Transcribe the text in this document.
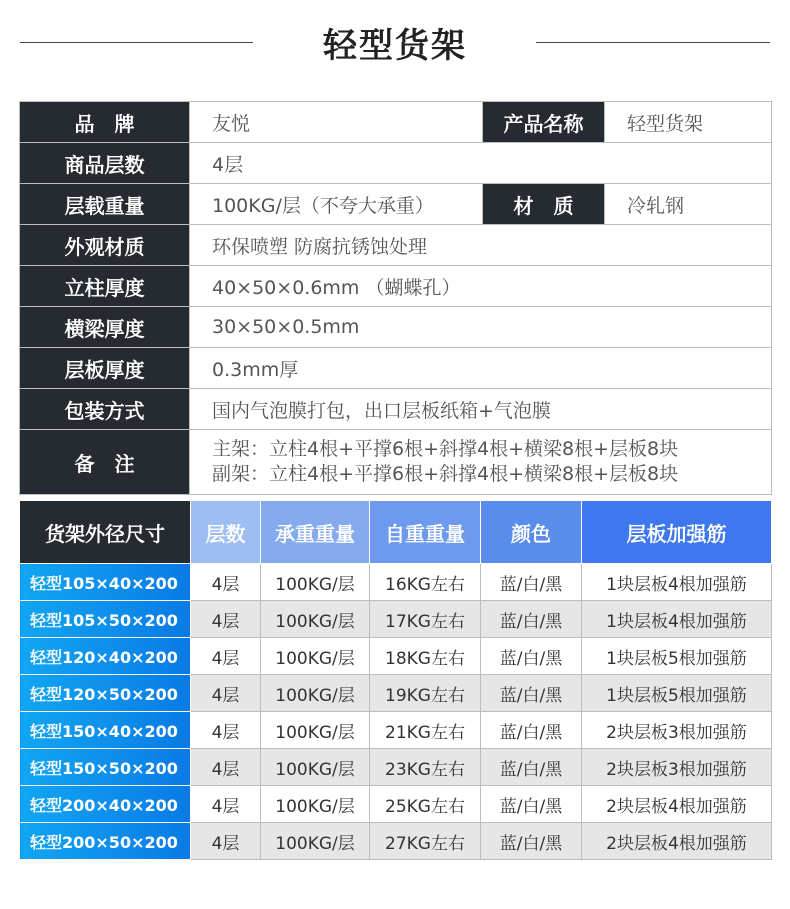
轻型货架
品　牌	友悦	产品名称	轻型货架
商品层数	4层		
层载重量	100KG/层（不夸大承重）	材　质	冷轧钢
外观材质	环保喷塑 防腐抗锈蚀处理		
立柱厚度	40×50×0.6mm （蝴蝶孔）		
横梁厚度	30×50×0.5mm		
层板厚度	0.3mm厚		
包装方式	国内气泡膜打包，出口层板纸箱+气泡膜		
备　注	主架：立柱4根+平撑6根+斜撑4根+横梁8根+层板8块
副架：立柱4根+平撑6根+斜撑4根+横梁8根+层板8块		
货架外径尺寸	层数	承重重量	自重重量	颜色	层板加强筋
轻型105×40×200	4层	100KG/层	16KG左右	蓝/白/黑	1块层板4根加强筋
轻型105×50×200	4层	100KG/层	17KG左右	蓝/白/黑	1块层板4根加强筋
轻型120×40×200	4层	100KG/层	18KG左右	蓝/白/黑	1块层板5根加强筋
轻型120×50×200	4层	100KG/层	19KG左右	蓝/白/黑	1块层板5根加强筋
轻型150×40×200	4层	100KG/层	21KG左右	蓝/白/黑	2块层板3根加强筋
轻型150×50×200	4层	100KG/层	23KG左右	蓝/白/黑	2块层板3根加强筋
轻型200×40×200	4层	100KG/层	25KG左右	蓝/白/黑	2块层板4根加强筋
轻型200×50×200	4层	100KG/层	27KG左右	蓝/白/黑	2块层板4根加强筋
